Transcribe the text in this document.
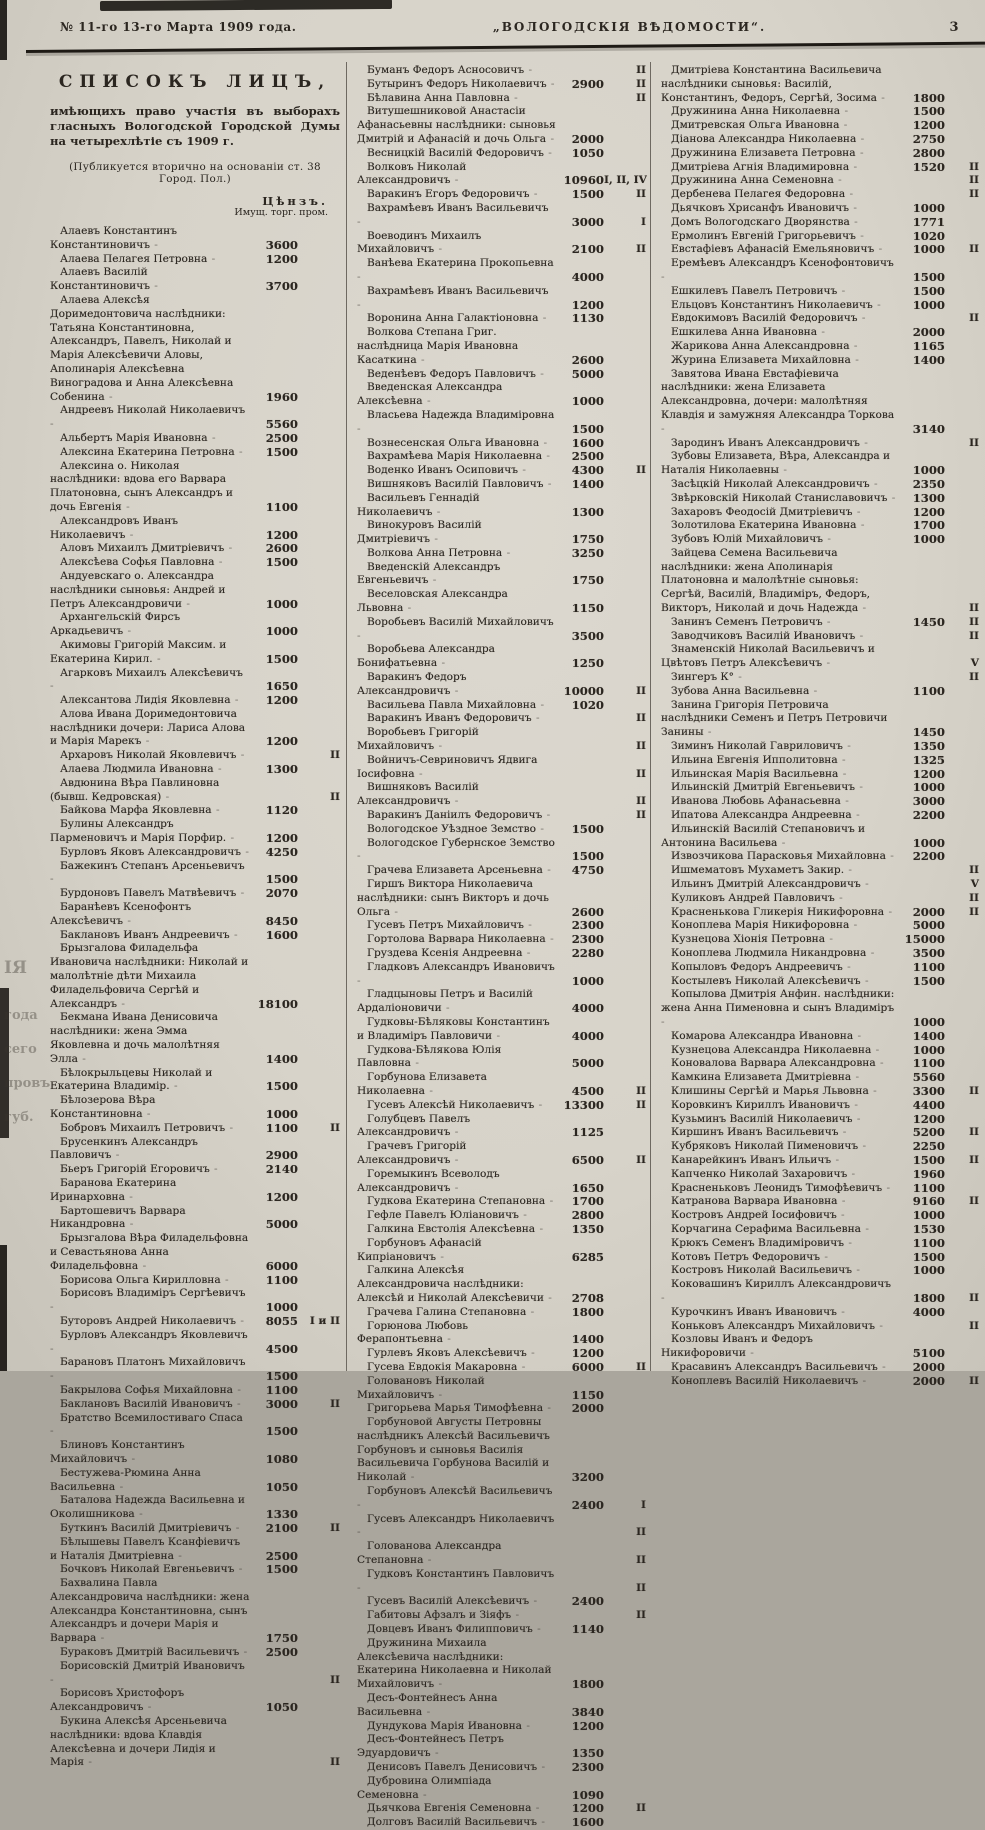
ІЯ
года
сего
провъ
губ.
№ 11-го 13-го Марта 1909 года.	„ВОЛОГОДСКІЯ ВѢДОМОСТИ“.	3
СПИСОКЪ ЛИЦЪ,

имѣющихъ право участія въ выборахъ гласныхъ Вологодской Городской Думы на четырехлѣтіе съ 1909 г.

(Публикуется вторично на основаніи ст. 38 Город. Пол.)

Цѣнзъ.
Имущ. торг. пром.
Алаевъ Константинъ Константиновичъ -	3600
Алаева Пелагея Петровна -	1200
Алаевъ Василій Константиновичъ -	3700
Алаева Алексѣя Доримедонтовича наслѣдники: Татьяна Константиновна, Александръ, Павелъ, Николай и Марія Алексѣевичи Аловы, Аполинарія Алексѣевна Виноградова и Анна Алексѣевна Собенина -	1960
Андреевъ Николай Николаевичъ -
5560
Альбертъ Марія Ивановна -	2500
Алексина Екатерина Петровна -	1500
Алексина о. Николая наслѣдники: вдова его Варвара Платоновна, сынъ Александръ и дочь Евгенія -	1100
Александровъ Иванъ Николаевичъ -	1200
Аловъ Михаилъ Дмитріевичъ -	2600
Алексѣева Софья Павловна -	1500
Андуевскаго о. Александра наслѣдники сыновья: Андрей и Петръ Александровичи -	1000
Архангельскій Фирсъ Аркадьевичъ -	1000
Акимовы Григорій Максим. и Екатерина Кирил. -	1500
Агарковъ Михаилъ Алексѣевичъ -
1650
Алексантова Лидія Яковлевна -	1200
Алова Ивана Доримедонтовича наслѣдники дочери: Лариса Алова и Марія Марекъ -	1200
Архаровъ Николай Яковлевичъ -	II
Алаева Людмила Ивановна -	1300
Авдюнина Вѣра Павлиновна (бывш. Кедровская) -	II
Байкова Марфа Яковлевна -	1120
Булины Александръ Парменовичъ и Марія Порфир. -	1200
Бурловъ Яковъ Александровичъ -	4250
Бажекинъ Степанъ Арсеньевичъ -
1500
Бурдоновъ Павелъ Матвѣевичъ -	2070
Баранѣевъ Ксенофонтъ Алексѣевичъ -	8450
Баклановъ Иванъ Андреевичъ -	1600
Брызгалова Филадельфа Ивановича наслѣдники: Николай и малолѣтніе дѣти Михаила Филадельфовича Сергѣй и Александръ -	18100
Бекмана Ивана Денисовича наслѣдники: жена Эмма Яковлевна и дочь малолѣтняя Элла -	1400
Бѣлокрыльцевы Николай и Екатерина Владимір. -	1500
Бѣлозерова Вѣра Константиновна -	1000
Бобровъ Михаилъ Петровичъ -	1100	II
Брусенкинъ Александръ Павловичъ -	2900
Бьеръ Григорій Егоровичъ -	2140
Баранова Екатерина Иринарховна -	1200
Бартошевичъ Варвара Никандровна -	5000
Брызгалова Вѣра Филадельфовна и Севастьянова Анна Филадельфовна -	6000
Борисова Ольга Кирилловна -	1100
Борисовъ Владиміръ Сергѣевичъ -
1000
Буторовъ Андрей Николаевичъ -	8055	I и II
Бурловъ Александръ Яковлевичъ -
4500
Барановъ Платонъ Михайловичъ -
1500
Бакрылова Софья Михайловна -	1100
Баклановъ Василій Ивановичъ -	3000	II
Братство Всемилостиваго Спаса -
1500
Блиновъ Константинъ Михайловичъ -	1080
Бестужева-Рюмина Анна Васильевна -	1050
Баталова Надежда Васильевна и Околишникова -	1330
Буткинъ Василій Дмитріевичъ -	2100	II
Бѣлышевы Павелъ Ксанфіевичъ и Наталія Дмитріевна -	2500
Бочковъ Николай Евгеньевичъ -	1500
Бахвалина Павла Александровича наслѣдники: жена Александра Константиновна, сынъ Александръ и дочери Марія и Варвара -	1750
Бураковъ Дмитрій Васильевичъ -	2500
Борисовскій Дмитрій Ивановичъ -
II
Борисовъ Христофоръ Александровичъ -	1050
Букина Алексѣя Арсеньевича наслѣдники: вдова Клавдія Алексѣевна и дочери Лидія и Марія -	II
Буманъ Федоръ Асносовичъ -	II
Бутыринъ Федоръ Николаевичъ -	2900	II
Бѣлавина Анна Павловна -	II
Витушешниковой Анастасіи Афанасьевны наслѣдники: сыновья Дмитрій и Афанасій и дочь Ольга -	2000
Весницкій Василій Федоровичъ -	1050
Волковъ Николай Александровичъ -	10960 I, II, IV
Варакинъ Егоръ Федоровичъ -	1500	II
Вахрамѣевъ Иванъ Васильевичъ -
3000	I
Воеводинъ Михаилъ Михайловичъ -	2100	II
Ванѣева Екатерина Прокопьевна -
4000
Вахрамѣевъ Иванъ Васильевичъ -
1200
Воронина Анна Галактіоновна -	1130
Волкова Степана Григ. наслѣдница Марія Ивановна Касаткина -	2600
Веденѣевъ Федоръ Павловичъ -	5000
Введенская Александра Алексѣевна -	1000
Власьева Надежда Владиміровна -
1500
Вознесенская Ольга Ивановна -	1600
Вахрамѣева Марія Николаевна -	2500
Воденко Иванъ Осиповичъ -	4300	II
Вишняковъ Василій Павловичъ -	1400
Васильевъ Геннадій Николаевичъ -	1300
Винокуровъ Василій Дмитріевичъ -	1750
Волкова Анна Петровна -	3250
Введенскій Александръ Евгеньевичъ -	1750
Веселовская Александра Львовна -	1150
Воробьевъ Василій Михайловичъ -
3500
Воробьева Александра Бонифатьевна -	1250
Варакинъ Федоръ Александровичъ -	10000	II
Васильева Павла Михайловна -	1020
Варакинъ Иванъ Федоровичъ -	II
Воробьевъ Григорій Михайловичъ -	II
Войничъ-Севриновичъ Ядвига Іосифовна -	II
Вишняковъ Василій Александровичъ -	II
Варакинъ Даніилъ Федоровичъ -	II
Вологодское Уѣздное Земство -	1500
Вологодское Губернское Земство -
1500
Грачева Елизавета Арсеньевна -	4750
Гиршъ Виктора Николаевича наслѣдники: сынъ Викторъ и дочь Ольга -	2600
Гусевъ Петръ Михайловичъ -	2300
Гортолова Варвара Николаевна -	2300
Груздева Ксенія Андреевна -	2280
Гладковъ Александръ Ивановичъ -
1000
Гладцыновы Петръ и Василій Ардаліоновичи -	4000
Гудковы-Бѣляковы Константинъ и Владиміръ Павловичи -	4000
Гудкова-Бѣлякова Юлія Павловна -	5000
Горбунова Елизавета Николаевна -	4500	II
Гусевъ Алексѣй Николаевичъ -	13300	II
Голубцевъ Павелъ Александровичъ -	1125
Грачевъ Григорій Александровичъ -	6500	II
Горемыкинъ Всеволодъ Александровичъ -	1650
Гудкова Екатерина Степановна -	1700
Гефле Павелъ Юліановичъ -	2800
Галкина Евстолія Алексѣевна -	1350
Горбуновъ Афанасій Кипріановичъ -	6285
Галкина Алексѣя Александровича наслѣдники: Алексѣй и Николай Алексѣевичи -	2708
Грачева Галина Степановна -	1800
Горюнова Любовь Ферапонтьевна -	1400
Гурлевъ Яковъ Алексѣевичъ -	1200
Гусева Евдокія Макаровна -	6000	II
Головановъ Николай Михайловичъ -	1150
Григорьева Марья Тимофѣевна -	2000
Горбуновой Августы Петровны наслѣдникъ Алексѣй Васильевичъ Горбуновъ и сыновья Василія Васильевича Горбунова Василій и Николай -	3200
Горбуновъ Алексѣй Васильевичъ -
2400	I
Гусевъ Александръ Николаевичъ -
II
Голованова Александра Степановна -	II
Гудковъ Константинъ Павловичъ -
II
Гусевъ Василій Алексѣевичъ -	2400
Габитовы Афзалъ и Зіяфъ -	II
Довцевъ Иванъ Филипповичъ -	1140
Дружинина Михаила Алексѣевича наслѣдники: Екатерина Николаевна и Николай Михайловичъ -	1800
Десъ-Фонтейнесъ Анна Васильевна -	3840
Дундукова Марія Ивановна -	1200
Десъ-Фонтейнесъ Петръ Эдуардовичъ -	1350
Денисовъ Павелъ Денисовичъ -	2300
Дубровина Олимпіада Семеновна -	1090
Дьячкова Евгенія Семеновна -	1200	II
Долговъ Василій Васильевичъ -	1600
Дмитріева Константина Васильевича наслѣдники сыновья: Василій, Константинъ, Федоръ, Сергѣй, Зосима -	1800
Дружинина Анна Николаевна -	1500
Дмитревская Ольга Ивановна -	1200
Діанова Александра Николаевна -	2750
Дружинина Елизавета Петровна -	2800
Дмитріева Агнія Владимировна -	1520	II
Дружинина Анна Семеновна -	II
Дербенева Пелагея Федоровна -	II
Дьячковъ Хрисанфъ Ивановичъ -	1000
Домъ Вологодскаго Дворянства -	1771
Ермолинъ Евгеній Григорьевичъ -	1020
Евстафіевъ Афанасій Емельяновичъ -	1000	II
Еремѣевъ Александръ Ксенофонтовичъ -
1500
Ешкилевъ Павелъ Петровичъ -	1500
Ельцовъ Константинъ Николаевичъ -	1000
Евдокимовъ Василій Федоровичъ -	II
Ешкилева Анна Ивановна -	2000
Жарикова Анна Александровна -	1165
Журина Елизавета Михайловна -	1400
Завятова Ивана Евстафіевича наслѣдники: жена Елизавета Александровна, дочери: малолѣтняя Клавдія и замужняя Александра Торкова -
3140
Зародинъ Иванъ Александровичъ -	II
Зубовы Елизавета, Вѣра, Александра и Наталія Николаевны -	1000
Засѣцкій Николай Александровичъ -	2350
Звѣрковскій Николай Станиславовичъ -	1300
Захаровъ Феодосій Дмитріевичъ -	1200
Золотилова Екатерина Ивановна -	1700
Зубовъ Юлій Михайловичъ -	1000
Зайцева Семена Васильевича наслѣдники: жена Аполинарія Платоновна и малолѣтніе сыновья: Сергѣй, Василій, Владиміръ, Федоръ, Викторъ, Николай и дочь Надежда -	II
Занинъ Семенъ Петровичъ -	1450	II
Заводчиковъ Василій Ивановичъ -	II
Знаменскій Николай Васильевичъ и Цвѣтовъ Петръ Алексѣевичъ -	V
Зингеръ К° -	II
Зубова Анна Васильевна -	1100
Занина Григорія Петровича наслѣдники Семенъ и Петръ Петровичи Занины -	1450
Зиминъ Николай Гавриловичъ -	1350
Ильина Евгенія Ипполитовна -	1325
Ильинская Марія Васильевна -	1200
Ильинскій Дмитрій Евгеньевичъ -	1000
Иванова Любовь Афанасьевна -	3000
Ипатова Александра Андреевна -	2200
Ильинскій Василій Степановичъ и Антонина Васильева -	1000
Извозчикова Парасковья Михайловна -	2200
Ишмематовъ Мухаметъ Закир. -	II
Ильинъ Дмитрій Александровичъ -	V
Куликовъ Андрей Павловичъ -	II
Красненькова Гликерія Никифоровна -	2000	II
Коноплева Марія Никифоровна -	5000
Кузнецова Хіонія Петровна -	15000
Коноплева Людмила Никандровна -	3500
Копыловъ Федоръ Андреевичъ -	1100
Костылевъ Николай Алексѣевичъ -	1500
Копылова Дмитрія Анфин. наслѣдники: жена Анна Пименовна и сынъ Владиміръ -
1000
Комарова Александра Ивановна -	1400
Кузнецова Александра Николаевна -	1000
Коновалова Варвара Александровна -	1100
Камкина Елизавета Дмитріевна -	5560
Клишины Сергѣй и Марья Львовна -	3300	II
Коровкинъ Кириллъ Ивановичъ -	4400
Кузьминъ Василій Николаевичъ -	1200
Киршинъ Иванъ Васильевичъ -	5200	II
Кубряковъ Николай Пименовичъ -	2250
Канарейкинъ Иванъ Ильичъ -	1500	II
Капченко Николай Захаровичъ -	1960
Красненьковъ Леонидъ Тимофѣевичъ -	1100
Катранова Варвара Ивановна -	9160	II
Костровъ Андрей Іосифовичъ -	1000
Корчагина Серафима Васильевна -	1530
Крюкъ Семенъ Владиміровичъ -	1100
Котовъ Петръ Федоровичъ -	1500
Костровъ Николай Васильевичъ -	1000
Коковашинъ Кириллъ Александровичъ -
1800	II
Курочкинъ Иванъ Ивановичъ -	4000
Коньковъ Александръ Михайловичъ -	II
Козловы Иванъ и Федоръ Никифоровичи -	5100
Красавинъ Александръ Васильевичъ -	2000
Коноплевъ Василій Николаевичъ -	2000	II
